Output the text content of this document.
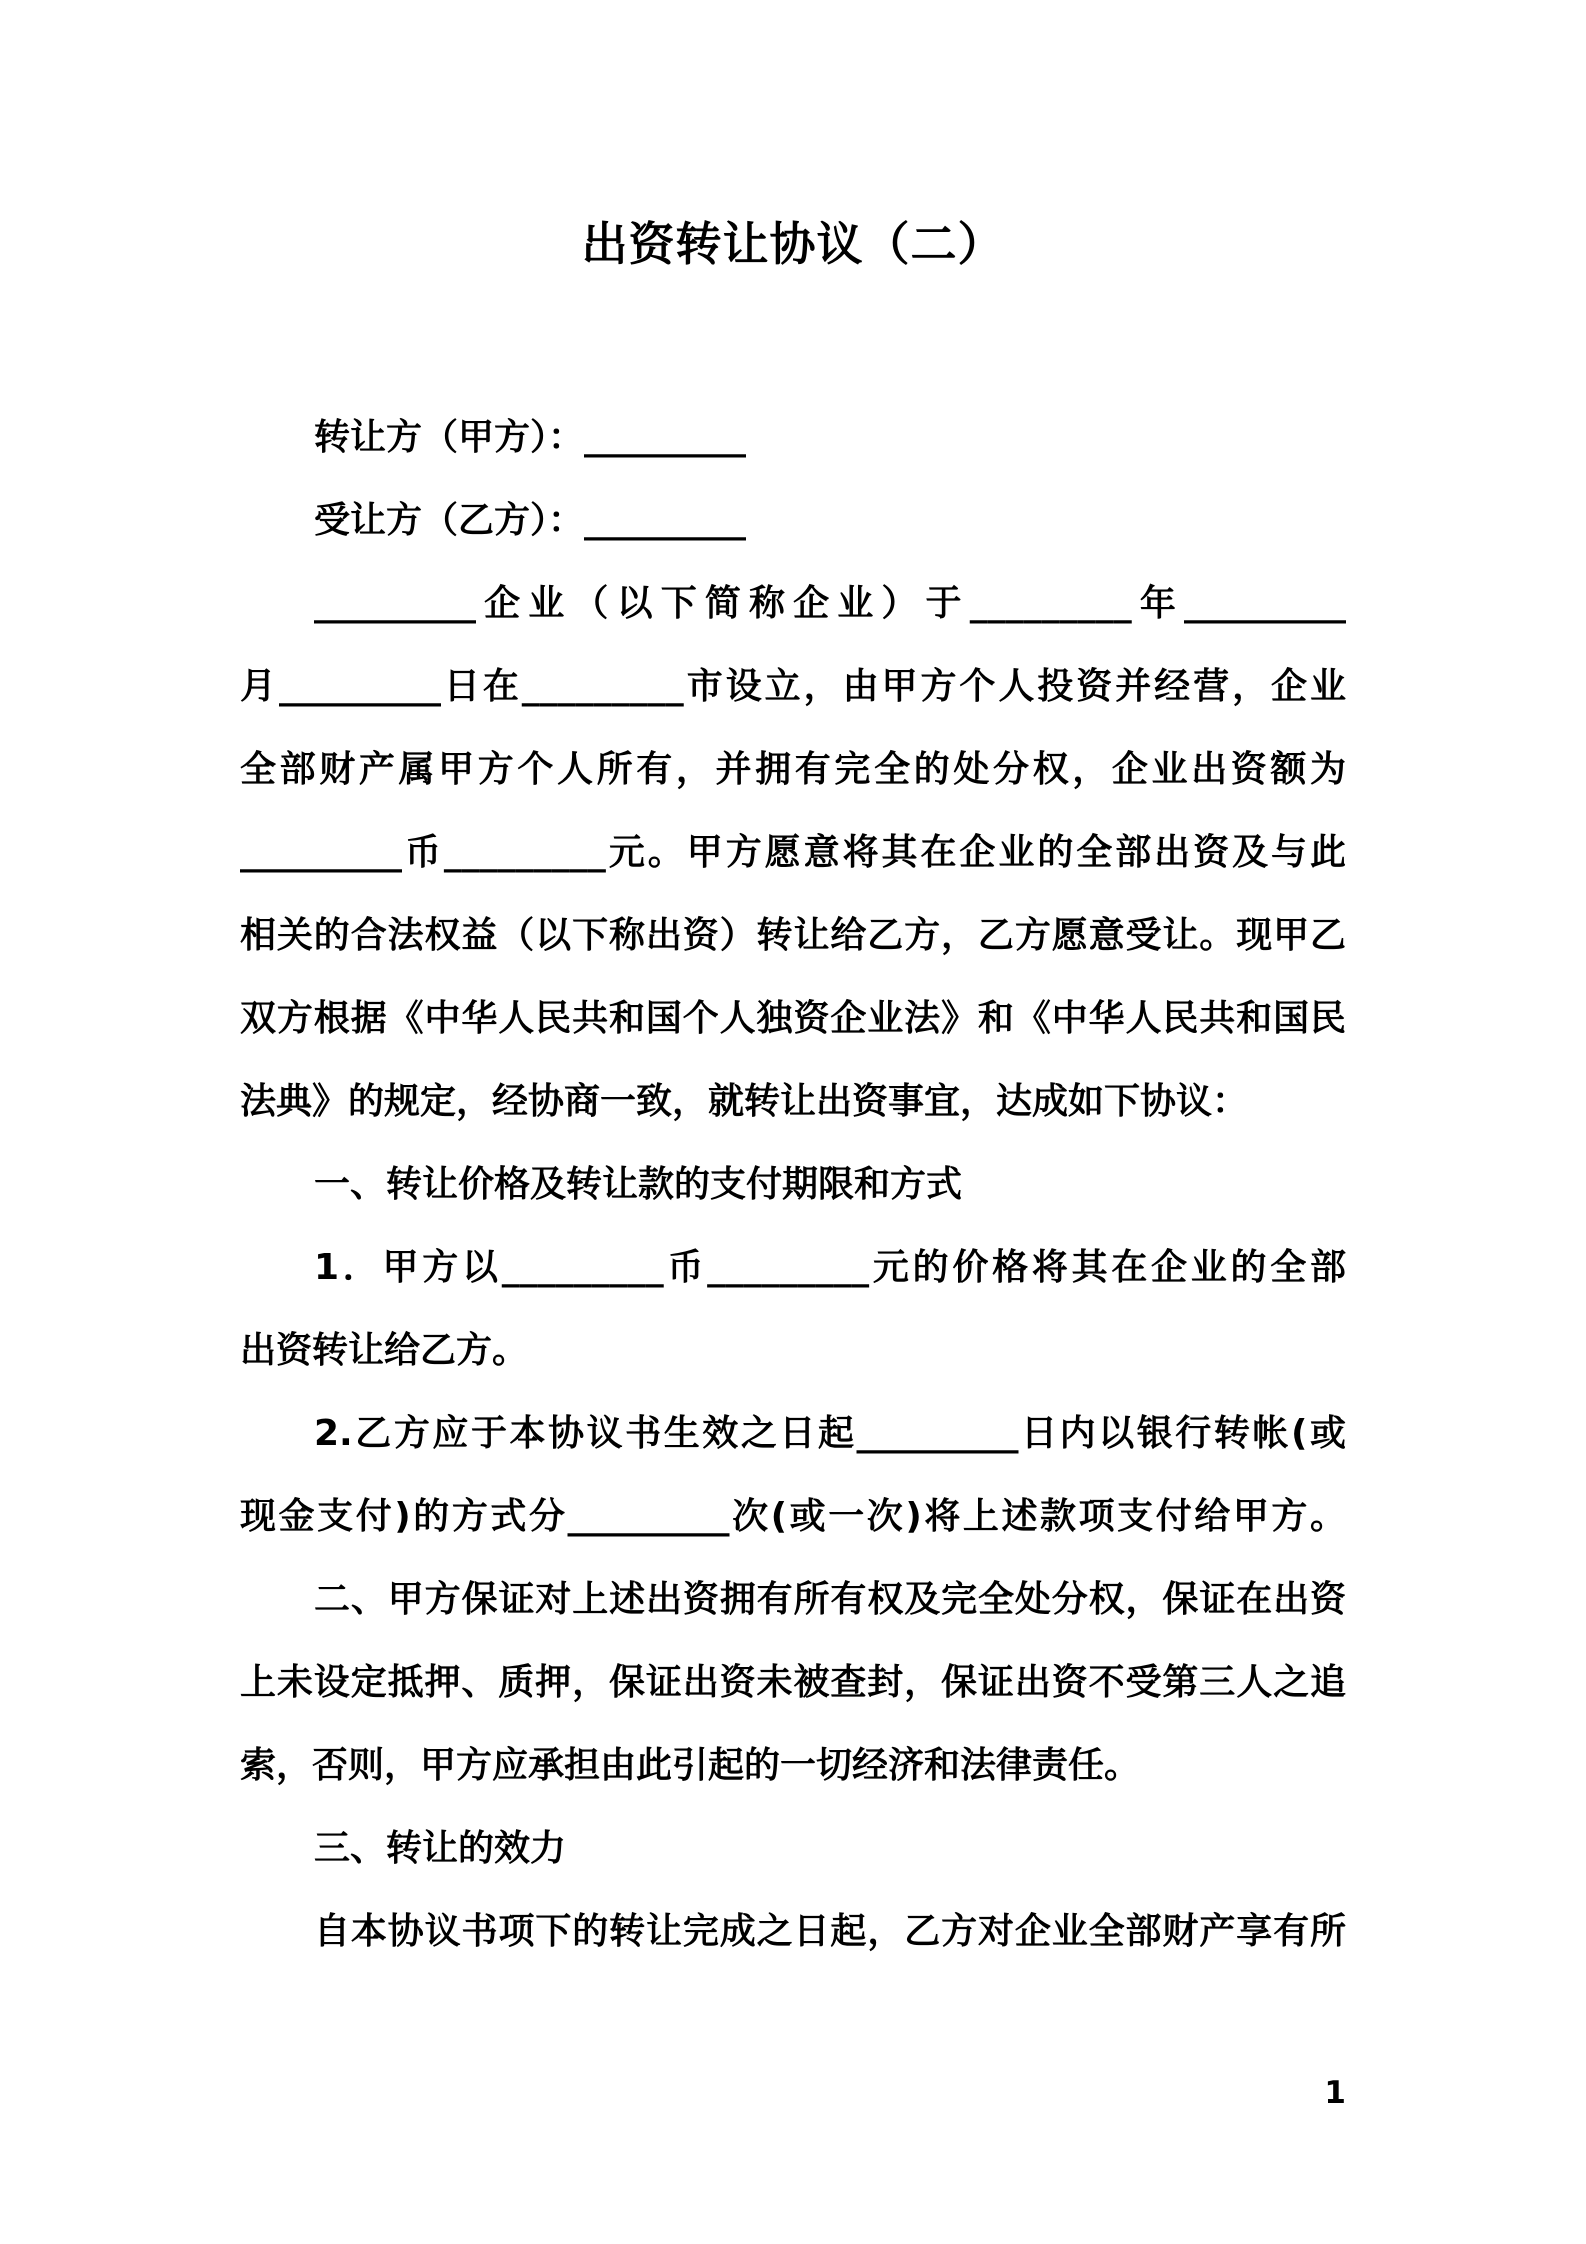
出资转让协议（二）
转让方（甲方）：_________
受让方（乙方）：_________
_________企业（以下简称企业）于_________年_________
月_________日在_________市设立，由甲方个人投资并经营，企业
全部财产属甲方个人所有，并拥有完全的处分权，企业出资额为
_________币_________元。甲方愿意将其在企业的全部出资及与此
相关的合法权益（以下称出资）转让给乙方，乙方愿意受让。现甲乙
双方根据《中华人民共和国个人独资企业法》和《中华人民共和国民
法典》的规定，经协商一致，就转让出资事宜，达成如下协议：
一、转让价格及转让款的支付期限和方式
1．甲方以_________币_________元的价格将其在企业的全部
出资转让给乙方。
2.乙方应于本协议书生效之日起_________日内以银行转帐(或
现金支付)的方式分_________次(或一次)将上述款项支付给甲方。
二、甲方保证对上述出资拥有所有权及完全处分权，保证在出资
上未设定抵押、质押，保证出资未被查封，保证出资不受第三人之追
索，否则，甲方应承担由此引起的一切经济和法律责任。
三、转让的效力
自本协议书项下的转让完成之日起，乙方对企业全部财产享有所
1
